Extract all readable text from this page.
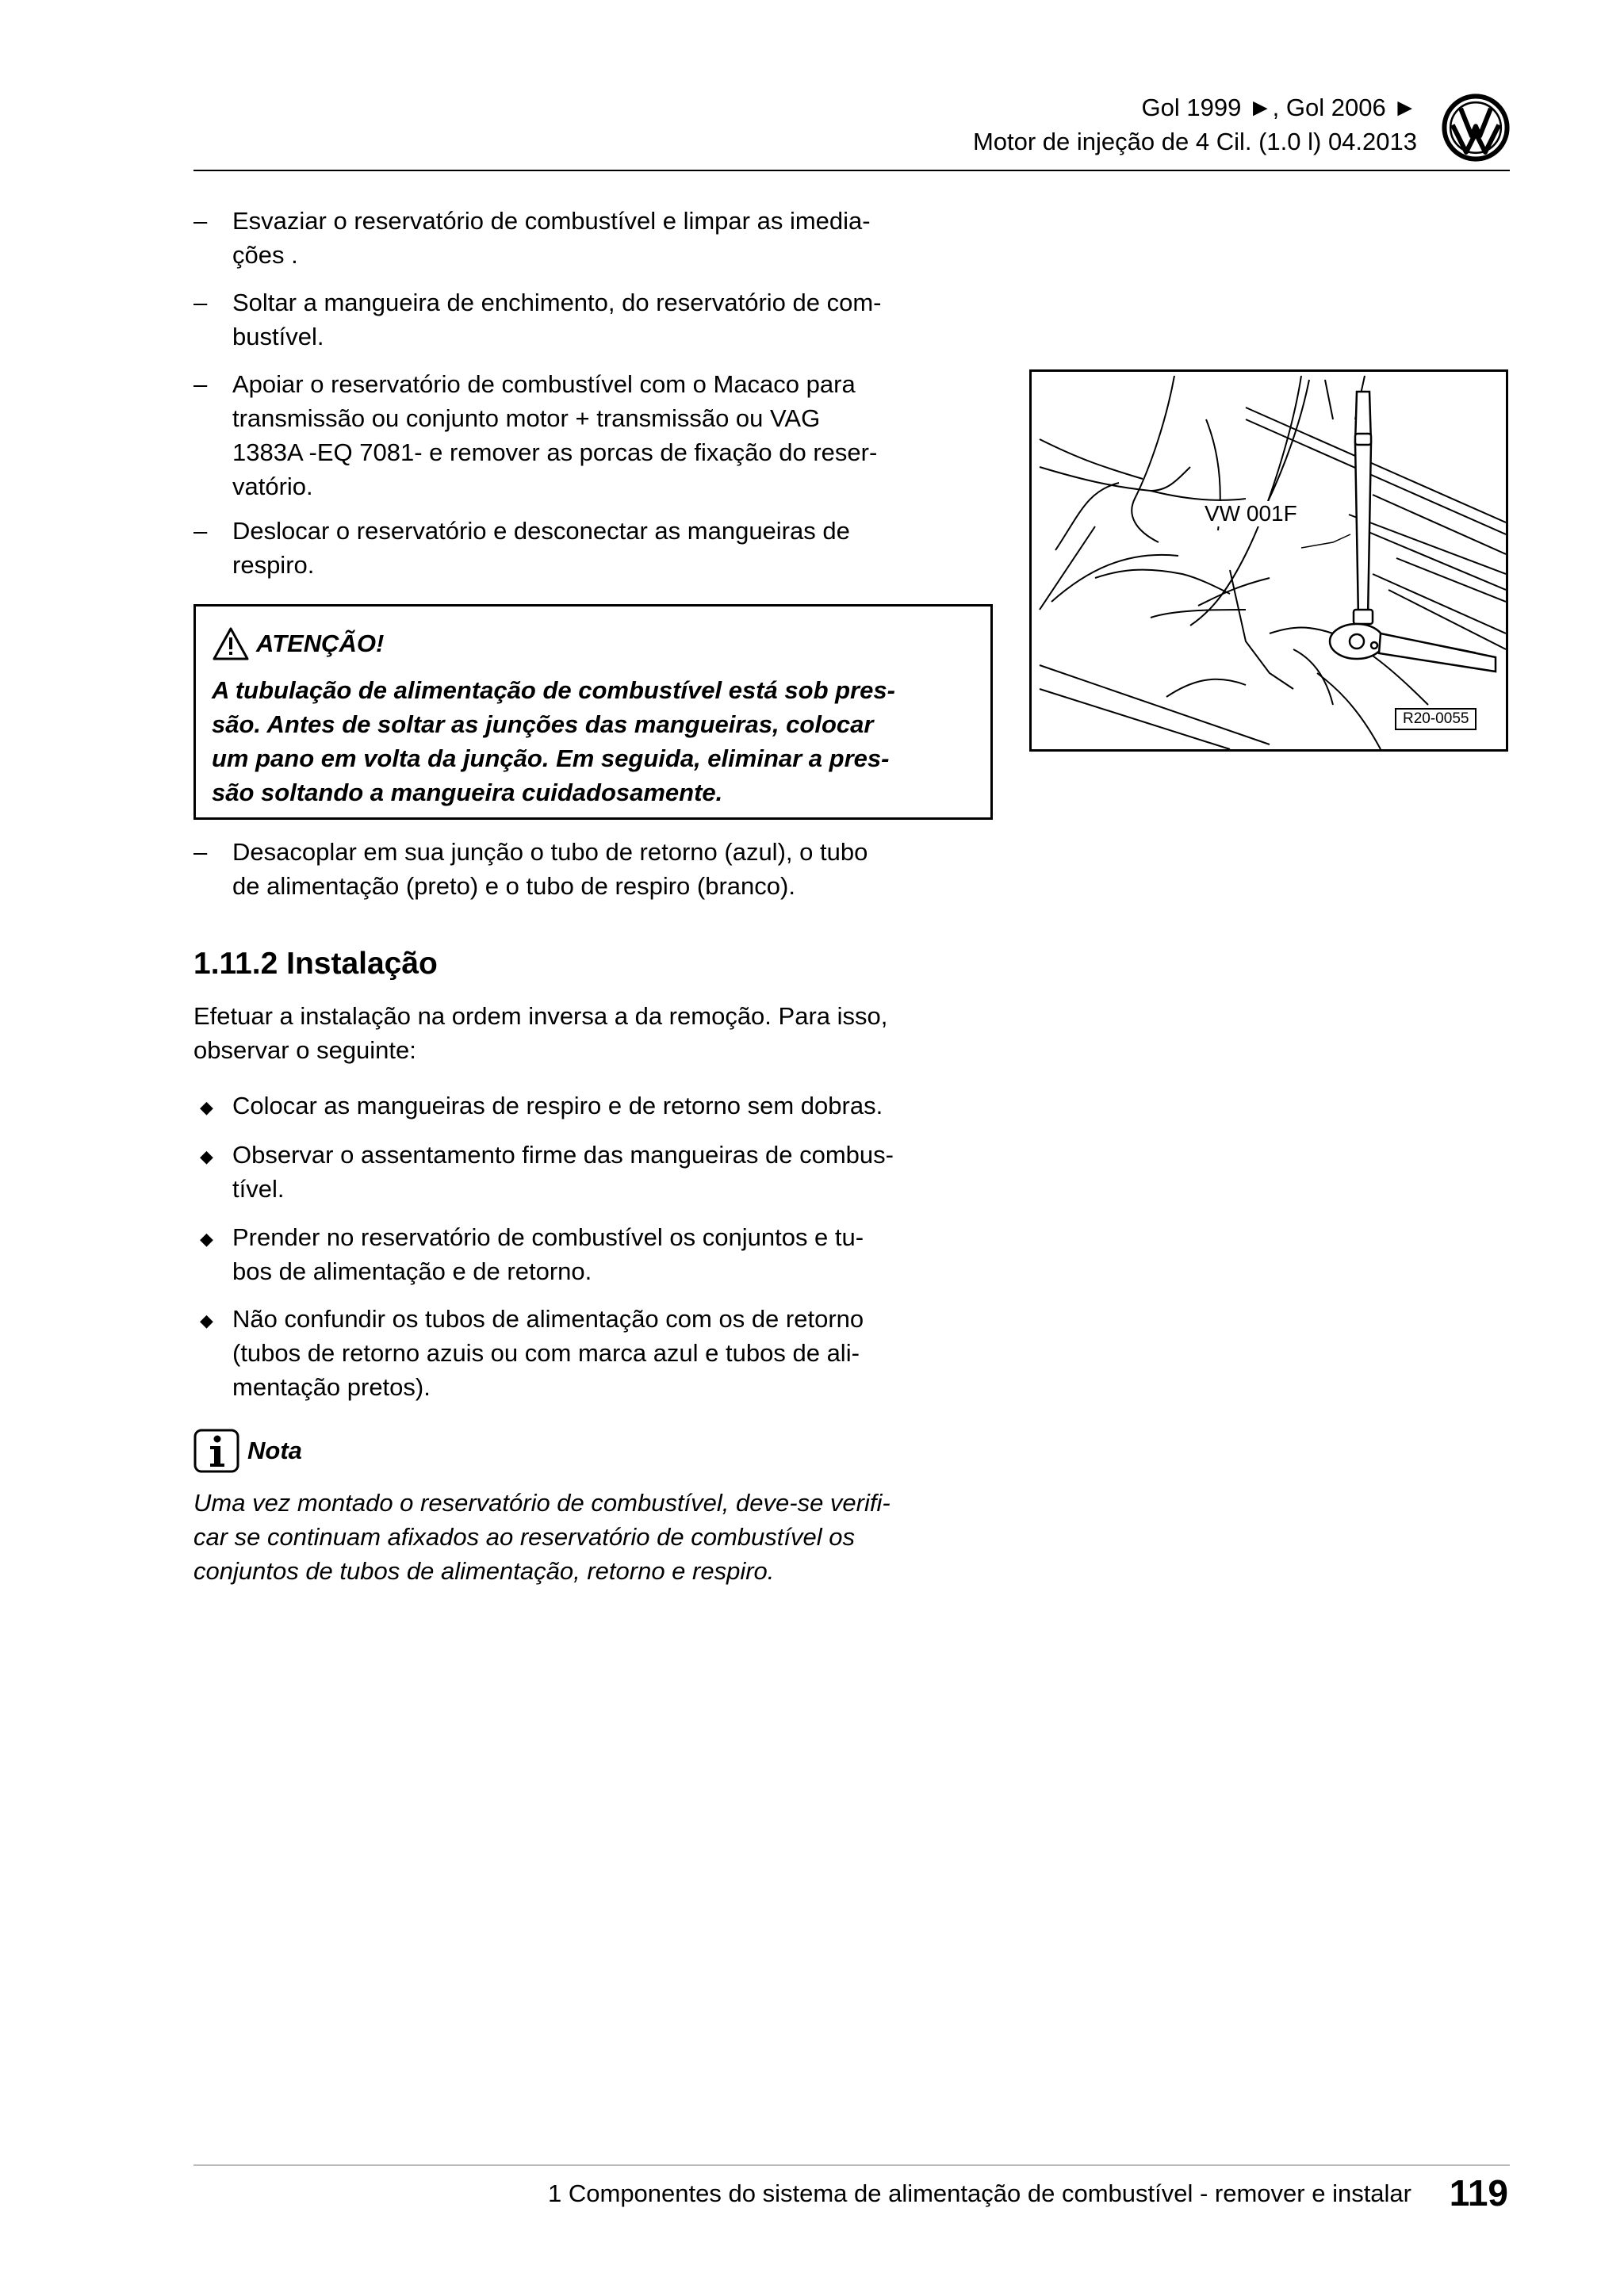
Gol 1999 ►, Gol 2006 ►
Motor de injeção de 4 Cil. (1.0 l) 04.2013
–	Esvaziar o reservatório de combustível e limpar as imedia-
ções .
–	Soltar a mangueira de enchimento, do reservatório de com-
bustível.
–	Apoiar o reservatório de combustível com o Macaco para
transmissão ou conjunto motor + transmissão ou VAG
1383A -EQ 7081- e remover as porcas de fixação do reser-
vatório.
–	Deslocar o reservatório e desconectar as mangueiras de
respiro.
ATENÇÃO!
A tubulação de alimentação de combustível está sob pres-
são. Antes de soltar as junções das mangueiras, colocar
um pano em volta da junção. Em seguida, eliminar a pres-
são soltando a mangueira cuidadosamente.
–	Desacoplar em sua junção o tubo de retorno (azul), o tubo
de alimentação (preto) e o tubo de respiro (branco).
1.11.2 Instalação
Efetuar a instalação na ordem inversa a da remoção. Para isso,
observar o seguinte:
◆ Colocar as mangueiras de respiro e de retorno sem dobras.
◆ Observar o assentamento firme das mangueiras de combus-
tível.
◆ Prender no reservatório de combustível os conjuntos e tu-
bos de alimentação e de retorno.
◆ Não confundir os tubos de alimentação com os de retorno
(tubos de retorno azuis ou com marca azul e tubos de ali-
mentação pretos).
Nota
Uma vez montado o reservatório de combustível, deve-se verifi-
car se continuam afixados ao reservatório de combustível os
conjuntos de tubos de alimentação, retorno e respiro.
VW 001F
R20-0055
1 Componentes do sistema de alimentação de combustível - remover e instalar 119
